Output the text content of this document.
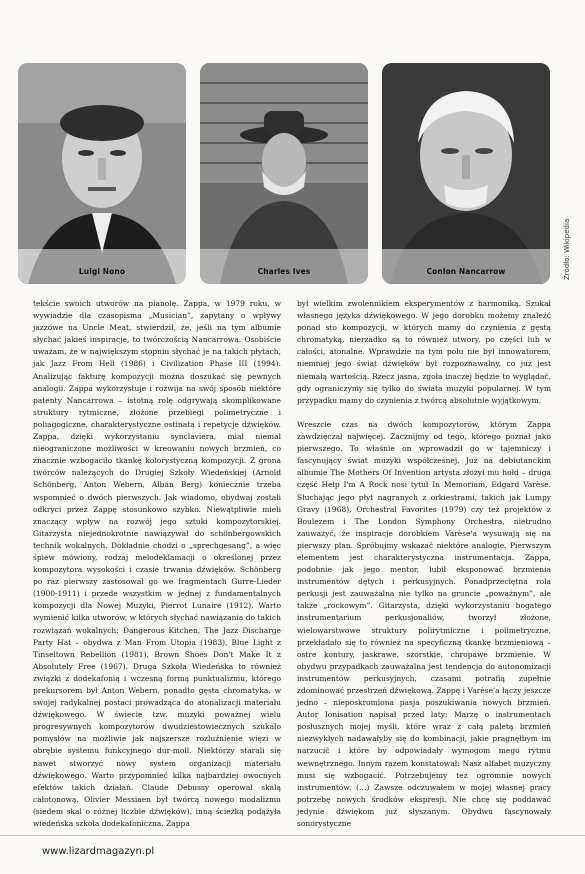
Luigi Nono	Charles Ives	Conlon Nancarrow	Źródło: Wikipedia

tekście swoich utworów na pianolę. Zappa, w 1979 roku, w wywiadzie dla czasopisma „Musician”, zapytany o wpływy jazzowe na Uncle Meat, stwierdził, że, jeśli na tym albumie słychać jakieś inspiracje, to twórczością Nancarrowa. Osobiście uważam, że w największym stopniu słychać je na takich płytach, jak Jazz From Hell (1986) i Civilization Phase III (1994). Analizując fakturę kompozycji można doszukać się pewnych analogii. Zappa wykorzystuje i rozwija na swój sposób niektóre patenty Nancarrowa – istotną rolę odgrywają skomplikowane struktury rytmiczne, złożone przebiegi polimetryczne i poliagogiczne, charakterystyczne ostinata i repetycje dźwięków. Zappa, dzięki wykorzystaniu synclaviera, miał niemal nieograniczone możliwości w kreowaniu nowych brzmień, co znacznie wzbogaciło tkankę kolorystyczną kompozycji. Z grona twórców należących do Drugiej Szkoły Wiedeńskiej (Arnold Schönberg, Anton Webern, Alban Berg) koniecznie trzeba wspomnieć o dwóch pierwszych. Jak wiadomo, obydwaj zostali odkryci przez Zappę stosunkowo szybko. Niewątpliwie mieli znaczący wpływ na rozwój jego sztuki kompozytorskiej. Gitarzysta niejednokrotnie nawiązywał do schönbergowskich technik wokalnych. Dokładnie chodzi o „sprechgesang”, a więc śpiew mówiony, rodzaj melodeklamacji o określonej przez kompozytora wysokości i czasie trwania dźwięków. Schönberg po raz pierwszy zastosował go we fragmentach Gurre-Lieder (1900-1911) i przede wszystkim w jednej z fundamentalnych kompozycji dla Nowej Muzyki, Pierrot Lunaire (1912). Warto wymienić kilka utworów, w których słychać nawiązania do takich rozwiązań wokalnych: Dangerous Kitchen, The Jazz Discharge Party Hat – obydwa z Man From Utopia (1983), Blue Light z Tinseltown Rebellion (1981), Brown Shoes Don't Make It z Absolutely Free (1967). Druga Szkoła Wiedeńska to również związki z dodekafonią i wczesną formą punktualizmu, którego prekursorem był Anton Webern, ponadto gęsta chromatyka, w swojej radykalnej postaci prowadząca do atonalizacji materiału dźwiękowego. W świecie tzw. muzyki poważnej wielu progresywnych kompozytorów dwudziestowiecznych szukało pomysłów na możliwie jak najszersze rozluźnienie więzi w obrębie systemu funkcyjnego dur-moll. Niektórzy starali się nawet stworzyć nowy system organizacji materiału dźwiękowego. Warto przypomnieć kilka najbardziej owocnych efektów takich działań. Claude Debussy operował skalą całotonową, Olivier Messiaen był twórcą nowego modalizmu (siedem skal o różnej liczbie dźwięków), inną ścieżką podążyła wiedeńska szkoła dodekafoniczna. Zappa

był wielkim zwolennikiem eksperymentów z harmoniką. Szukał własnego języka dźwiękowego. W jego dorobku możemy znaleźć ponad sto kompozycji, w których mamy do czynienia z gęstą chromatyką, nierzadko są to również utwory, po części lub w całości, atonalne. Wprawdzie na tym polu nie był innowatorem, niemniej jego świat dźwięków był rozpoznawalny, co już jest niemałą wartością. Rzecz jasna, zgoła inaczej będzie to wyglądać, gdy ograniczymy się tylko do świata muzyki popularnej. W tym przypadku mamy do czynienia z twórcą absolutnie wyjątkowym.

Wreszcie czas na dwóch kompozytorów, którym Zappa zawdzięczał najwięcej. Zacznijmy od tego, którego poznał jako pierwszego. To właśnie on wprowadził go w tajemniczy i fascynujący świat muzyki współczesnej. Już na debiutanckim albumie The Mothers Of Invention artysta złożył mu hołd – druga część Help I'm A Rock nosi tytuł In Memoriam, Edgard Varèse. Słuchając jego płyt nagranych z orkiestrami, takich jak Lumpy Gravy (1968), Orchestral Favorites (1979) czy też projektów z Boulezem i The London Symphony Orchestra, nietrudno zauważyć, że inspiracje dorobkiem Varèse'a wysuwają się na pierwszy plan. Spróbujmy wskazać niektóre analogie. Pierwszym elementem jest charakterystyczna instrumentacja. Zappa, podobnie jak jego mentor, lubił eksponować brzmienia instrumentów dętych i perkusyjnych. Ponadprzeciętna rola perkusji jest zauważalna nie tylko na gruncie „poważnym”, ale także „rockowym”. Gitarzysta, dzięki wykorzystaniu bogatego instrumentarium perkusjonaliów, tworzył złożone, wielowarstwowe struktury polirytmiczne i polimetryczne, przekładało się to również na specyficzną tkankę brzmieniową – ostre kontury, jaskrawe, szorstkie, chropawe brzmienie. W obydwu przypadkach zauważalna jest tendencja do autonomizacji instrumentów perkusyjnych, czasami potrafią zupełnie zdominować przestrzeń dźwiękową. Zappę i Varèse'a łączy jeszcze jedno – nieposkromiona pasja poszukiwania nowych brzmień. Autor Ionisation napisał przed laty: Marzę o instrumentach posłusznych mojej myśli, które wraz z całą paletą brzmień niezwykłych nadawałyby się do kombinacji, jakie pragnęłbym im narzucić i które by odpowiadały wymogom mego rytmu wewnętrznego. Innym razem konstatował: Nasz alfabet muzyczny musi się wzbogacić. Potrzebujemy też ogromnie nowych instrumentów. (…) Zawsze odczuwałem w mojej własnej pracy potrzebę nowych środków ekspresji. Nie chcę się poddawać jedynie dźwiękom już słyszanym. Obydwu fascynowały sonorystyczne

www.lizardmagazyn.pl
